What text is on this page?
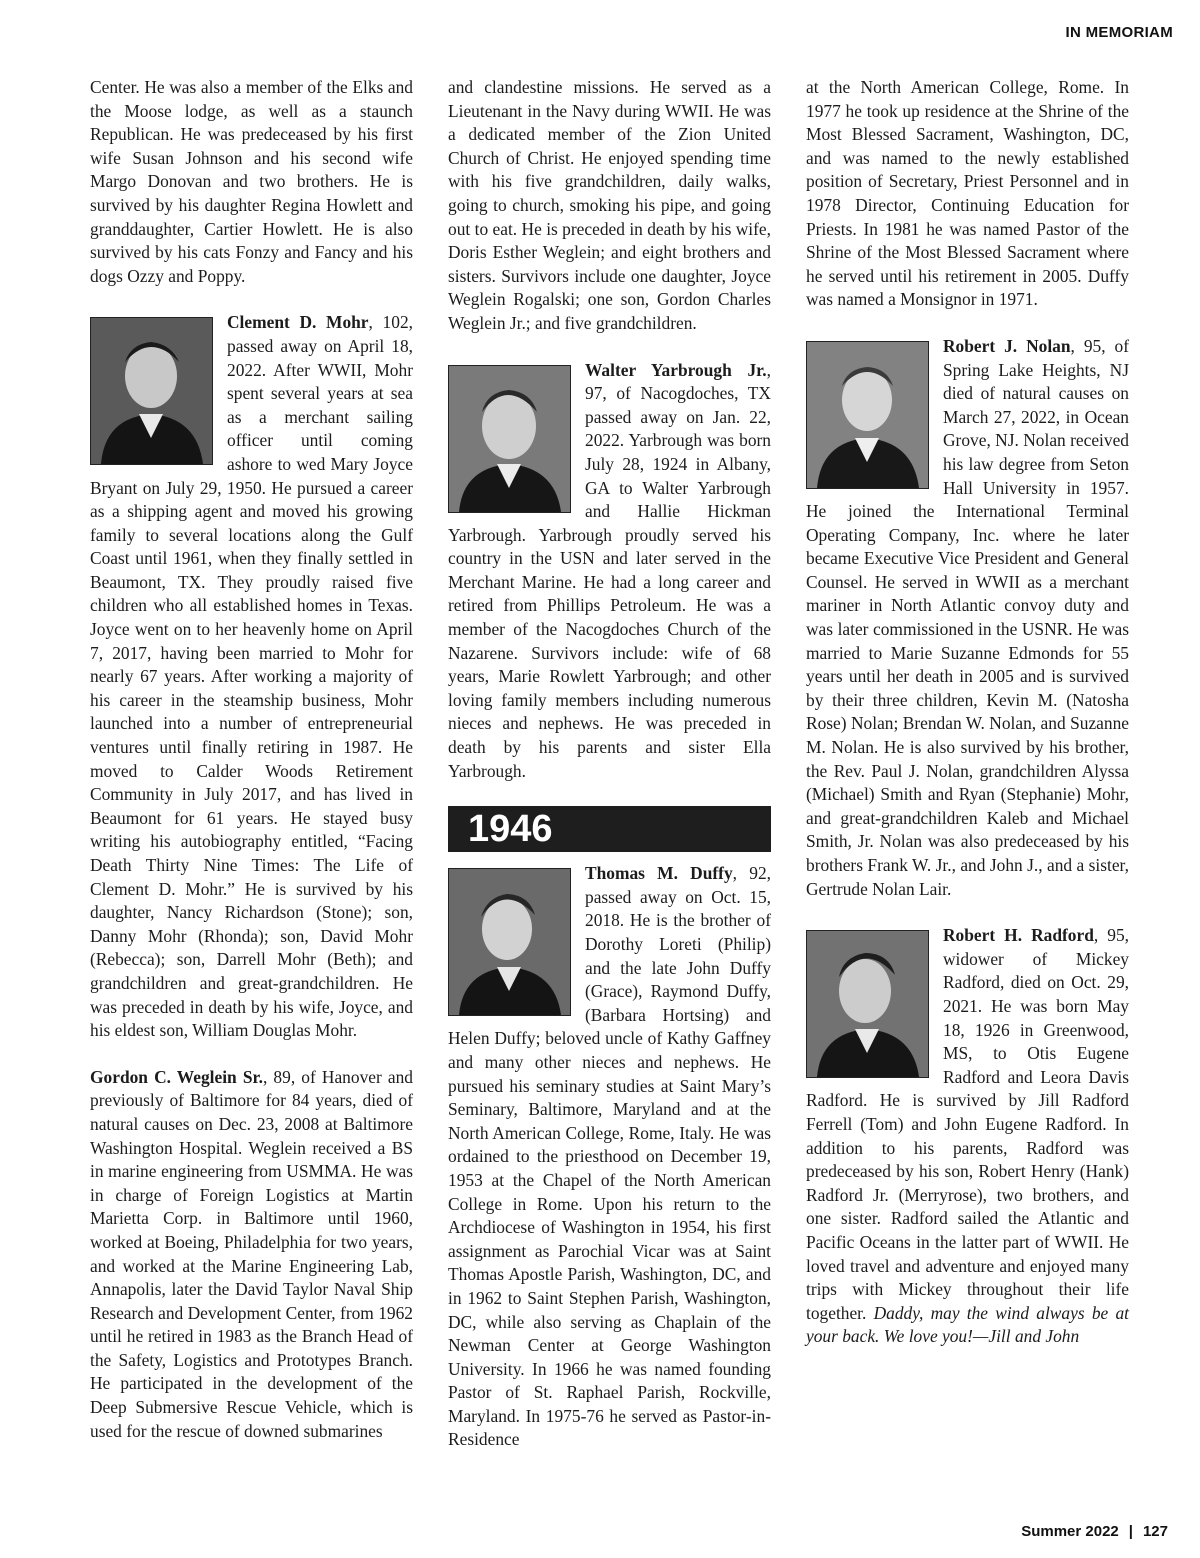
IN MEMORIAM

Center. He was also a member of the Elks and the Moose lodge, as well as a staunch Republican. He was predeceased by his first wife Susan Johnson and his second wife Margo Donovan and two brothers. He is survived by his daughter Regina Howlett and granddaughter, Cartier Howlett. He is also survived by his cats Fonzy and Fancy and his dogs Ozzy and Poppy.

Clement D. Mohr, 102, passed away on April 18, 2022. After WWII, Mohr spent several years at sea as a merchant sailing officer until coming ashore to wed Mary Joyce Bryant on July 29, 1950. He pursued a career as a shipping agent and moved his growing family to several locations along the Gulf Coast until 1961, when they finally settled in Beaumont, TX. They proudly raised five children who all established homes in Texas. Joyce went on to her heavenly home on April 7, 2017, having been married to Mohr for nearly 67 years. After working a majority of his career in the steamship business, Mohr launched into a number of entrepreneurial ventures until finally retiring in 1987. He moved to Calder Woods Retirement Community in July 2017, and has lived in Beaumont for 61 years. He stayed busy writing his autobiography entitled, “Facing Death Thirty Nine Times: The Life of Clement D. Mohr.” He is survived by his daughter, Nancy Richardson (Stone); son, Danny Mohr (Rhonda); son, David Mohr (Rebecca); son, Darrell Mohr (Beth); and grandchildren and great-grandchildren. He was preceded in death by his wife, Joyce, and his eldest son, William Douglas Mohr.
Gordon C. Weglein Sr., 89, of Hanover and previously of Baltimore for 84 years, died of natural causes on Dec. 23, 2008 at Baltimore Washington Hospital. Weglein received a BS in marine engineering from USMMA. He was in charge of Foreign Logistics at Martin Marietta Corp. in Baltimore until 1960, worked at Boeing, Philadelphia for two years, and worked at the Marine Engineering Lab, Annapolis, later the David Taylor Naval Ship Research and Development Center, from 1962 until he retired in 1983 as the Branch Head of the Safety, Logistics and Prototypes Branch. He participated in the development of the Deep Submersive Rescue Vehicle, which is used for the rescue of downed submarines

and clandestine missions. He served as a Lieutenant in the Navy during WWII. He was a dedicated member of the Zion United Church of Christ. He enjoyed spending time with his five grandchildren, daily walks, going to church, smoking his pipe, and going out to eat. He is preceded in death by his wife, Doris Esther Weglein; and eight brothers and sisters. Survivors include one daughter, Joyce Weglein Rogalski; one son, Gordon Charles Weglein Jr.; and five grandchildren.

Walter Yarbrough Jr., 97, of Nacogdoches, TX passed away on Jan. 22, 2022. Yarbrough was born July 28, 1924 in Albany, GA to Walter Yarbrough and Hallie Hickman Yarbrough. Yarbrough proudly served his country in the USN and later served in the Merchant Marine. He had a long career and retired from Phillips Petroleum. He was a member of the Nacogdoches Church of the Nazarene. Survivors include: wife of 68 years, Marie Rowlett Yarbrough; and other loving family members including numerous nieces and nephews. He was preceded in death by his parents and sister Ella Yarbrough.
1946
Thomas M. Duffy, 92, passed away on Oct. 15, 2018. He is the brother of Dorothy Loreti (Philip) and the late John Duffy (Grace), Raymond Duffy, (Barbara Hortsing) and Helen Duffy; beloved uncle of Kathy Gaffney and many other nieces and nephews. He pursued his seminary studies at Saint Mary’s Seminary, Baltimore, Maryland and at the North American College, Rome, Italy. He was ordained to the priesthood on December 19, 1953 at the Chapel of the North American College in Rome. Upon his return to the Archdiocese of Washington in 1954, his first assignment as Parochial Vicar was at Saint Thomas Apostle Parish, Washington, DC, and in 1962 to Saint Stephen Parish, Washington, DC, while also serving as Chaplain of the Newman Center at George Washington University. In 1966 he was named founding Pastor of St. Raphael Parish, Rockville, Maryland. In 1975-76 he served as Pastor-in-Residence

at the North American College, Rome. In 1977 he took up residence at the Shrine of the Most Blessed Sacrament, Washington, DC, and was named to the newly established position of Secretary, Priest Personnel and in 1978 Director, Continuing Education for Priests. In 1981 he was named Pastor of the Shrine of the Most Blessed Sacrament where he served until his retirement in 2005. Duffy was named a Monsignor in 1971.

Robert J. Nolan, 95, of Spring Lake Heights, NJ died of natural causes on March 27, 2022, in Ocean Grove, NJ. Nolan received his law degree from Seton Hall University in 1957. He joined the International Terminal Operating Company, Inc. where he later became Executive Vice President and General Counsel. He served in WWII as a merchant mariner in North Atlantic convoy duty and was later commissioned in the USNR. He was married to Marie Suzanne Edmonds for 55 years until her death in 2005 and is survived by their three children, Kevin M. (Natosha Rose) Nolan; Brendan W. Nolan, and Suzanne M. Nolan. He is also survived by his brother, the Rev. Paul J. Nolan, grandchildren Alyssa (Michael) Smith and Ryan (Stephanie) Mohr, and great-grandchildren Kaleb and Michael Smith, Jr. Nolan was also predeceased by his brothers Frank W. Jr., and John J., and a sister, Gertrude Nolan Lair.
Robert H. Radford, 95, widower of Mickey Radford, died on Oct. 29, 2021. He was born May 18, 1926 in Greenwood, MS, to Otis Eugene Radford and Leora Davis Radford. He is survived by Jill Radford Ferrell (Tom) and John Eugene Radford. In addition to his parents, Radford was predeceased by his son, Robert Henry (Hank) Radford Jr. (Merryrose), two brothers, and one sister. Radford sailed the Atlantic and Pacific Oceans in the latter part of WWII. He loved travel and adventure and enjoyed many trips with Mickey throughout their life together. Daddy, may the wind always be at your back. We love you!—Jill and John
Summer 2022 | 127
